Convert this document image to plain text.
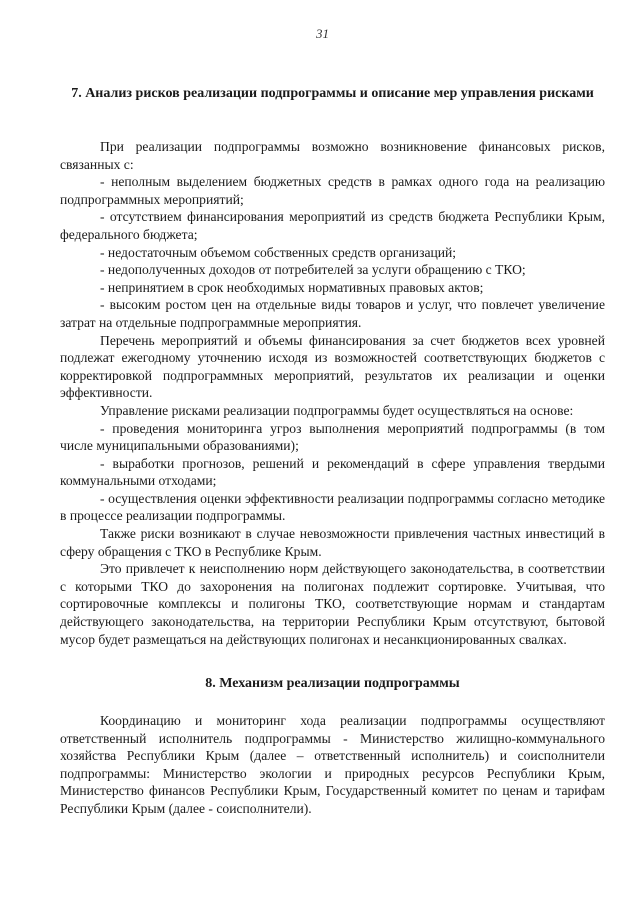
31
7. Анализ рисков реализации подпрограммы и описание мер управления рисками

При реализации подпрограммы возможно возникновение финансовых рисков, связанных с:

- неполным выделением бюджетных средств в рамках одного года на реализацию подпрограммных мероприятий;

- отсутствием финансирования мероприятий из средств бюджета Республики Крым, федерального бюджета;

- недостаточным объемом собственных средств организаций;

- недополученных доходов от потребителей за услуги обращению с ТКО;

- непринятием в срок необходимых нормативных правовых актов;

- высоким ростом цен на отдельные виды товаров и услуг, что повлечет увеличение затрат на отдельные подпрограммные мероприятия.

Перечень мероприятий и объемы финансирования за счет бюджетов всех уровней подлежат ежегодному уточнению исходя из возможностей соответствующих бюджетов с корректировкой подпрограммных мероприятий, результатов их реализации и оценки эффективности.

Управление рисками реализации подпрограммы будет осуществляться на основе:

- проведения мониторинга угроз выполнения мероприятий подпрограммы (в том числе муниципальными образованиями);

- выработки прогнозов, решений и рекомендаций в сфере управления твердыми коммунальными отходами;

- осуществления оценки эффективности реализации подпрограммы согласно методике в процессе реализации подпрограммы.

Также риски возникают в случае невозможности привлечения частных инвестиций в сферу обращения с ТКО в Республике Крым.

Это привлечет к неисполнению норм действующего законодательства, в соответствии с которыми ТКО до захоронения на полигонах подлежит сортировке. Учитывая, что сортировочные комплексы и полигоны ТКО, соответствующие нормам и стандартам действующего законодательства, на территории Республики Крым отсутствуют, бытовой мусор будет размещаться на действующих полигонах и несанкционированных свалках.

8. Механизм реализации подпрограммы

Координацию и мониторинг хода реализации подпрограммы осуществляют ответственный исполнитель подпрограммы - Министерство жилищно-коммунального хозяйства Республики Крым (далее – ответственный исполнитель) и соисполнители подпрограммы: Министерство экологии и природных ресурсов Республики Крым, Министерство финансов Республики Крым, Государственный комитет по ценам и тарифам Республики Крым (далее - соисполнители).
